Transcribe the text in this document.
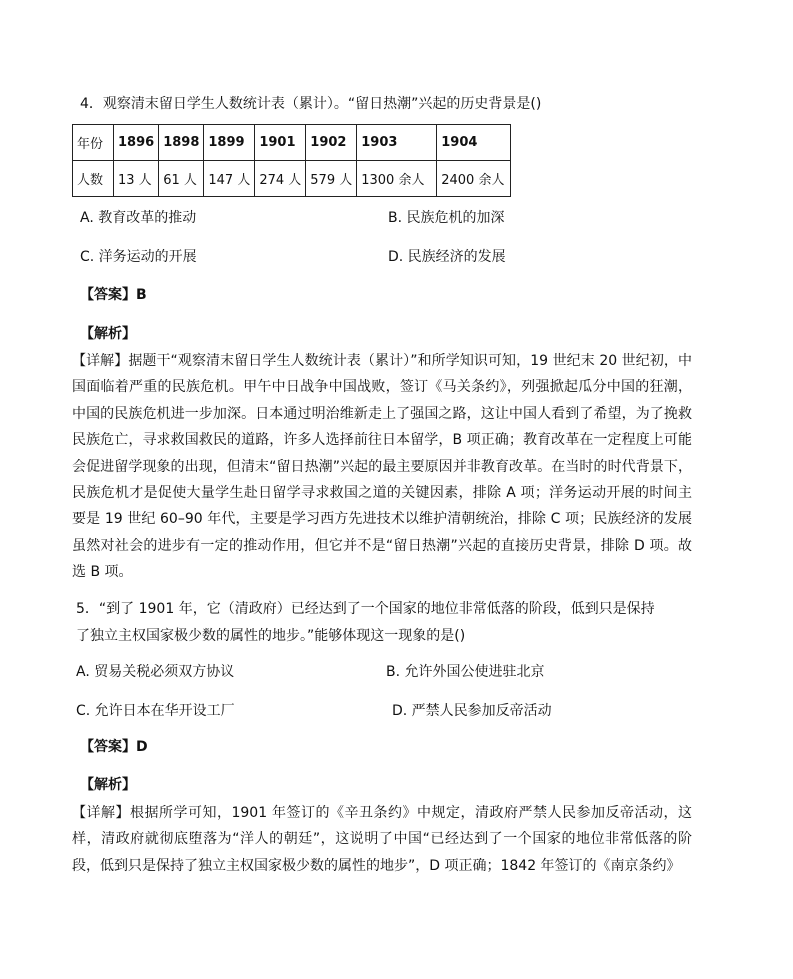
4．观察清末留日学生人数统计表（累计）。“留日热潮”兴起的历史背景是()
年份	1896	1898	1899	1901	1902	1903	1904
人数	13 人	61 人	147 人	274 人	579 人	1300 余人	2400 余人
A. 教育改革的推动	B. 民族危机的加深
C. 洋务运动的开展	D. 民族经济的发展
【答案】B
【解析】
【详解】据题干“观察清末留日学生人数统计表（累计）”和所学知识可知，19 世纪末 20 世纪初，中国面临着严重的民族危机。甲午中日战争中国战败，签订《马关条约》，列强掀起瓜分中国的狂潮，中国的民族危机进一步加深。日本通过明治维新走上了强国之路，这让中国人看到了希望，为了挽救民族危亡，寻求救国救民的道路，许多人选择前往日本留学，B 项正确；教育改革在一定程度上可能会促进留学现象的出现，但清末“留日热潮”兴起的最主要原因并非教育改革。在当时的时代背景下，民族危机才是促使大量学生赴日留学寻求救国之道的关键因素，排除 A 项；洋务运动开展的时间主要是 19 世纪 60–90 年代，主要是学习西方先进技术以维护清朝统治，排除 C 项；民族经济的发展虽然对社会的进步有一定的推动作用，但它并不是“留日热潮”兴起的直接历史背景，排除 D 项。故选 B 项。
5．“到了 1901 年，它（清政府）已经达到了一个国家的地位非常低落的阶段，低到只是保持
了独立主权国家极少数的属性的地步。”能够体现这一现象的是()
A. 贸易关税必须双方协议	B. 允许外国公使进驻北京
C. 允许日本在华开设工厂	D. 严禁人民参加反帝活动
【答案】D
【解析】
【详解】根据所学可知，1901 年签订的《辛丑条约》中规定，清政府严禁人民参加反帝活动，这样，清政府就彻底堕落为“洋人的朝廷”，这说明了中国“已经达到了一个国家的地位非常低落的阶段，低到只是保持了独立主权国家极少数的属性的地步”，D 项正确；1842 年签订的《南京条约》
